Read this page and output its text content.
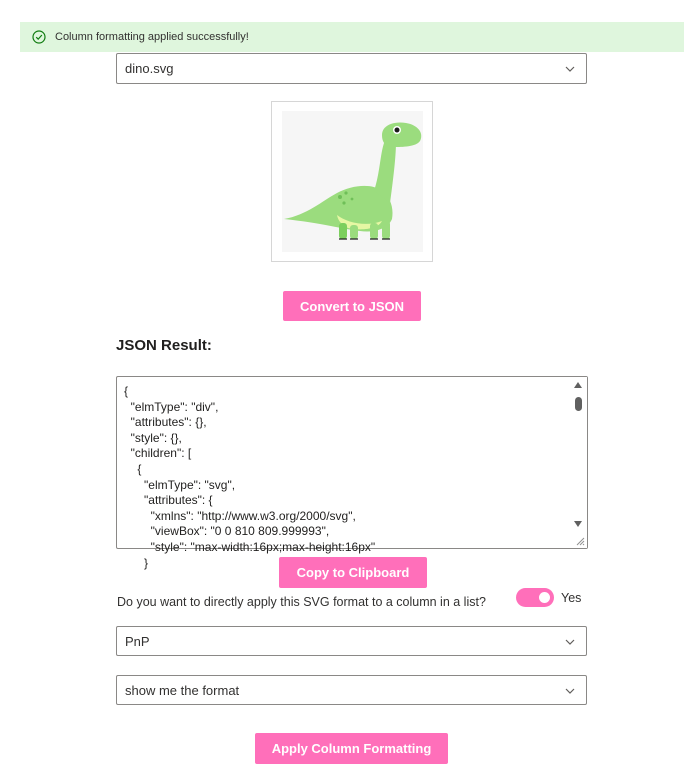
Column formatting applied successfully!
dino.svg
Convert to JSON
JSON Result:
{
"elmType": "div",
"attributes": {},
"style": {},
"children": [
{
"elmType": "svg",
"attributes": {
"xmlns": "http://www.w3.org/2000/svg",
"viewBox": "0 0 810 809.999993",
"style": "max-width:16px;max-height:16px"
}
Copy to Clipboard
Do you want to directly apply this SVG format to a column in a list?	Yes
PnP
show me the format
Apply Column Formatting
